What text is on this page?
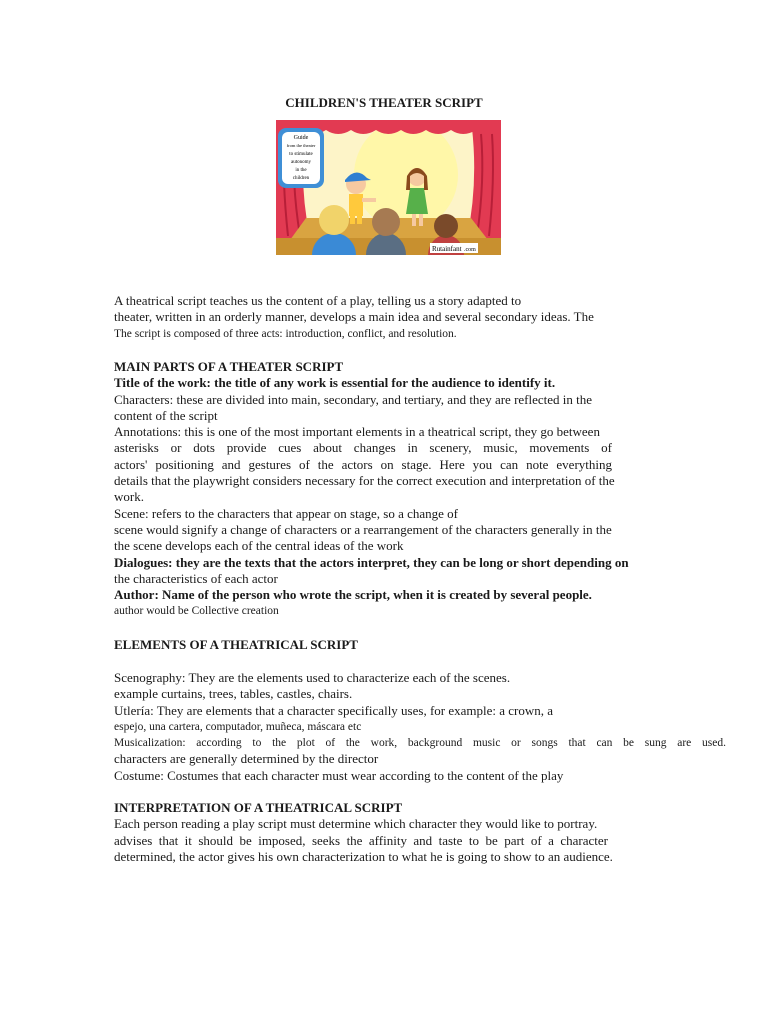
CHILDREN'S THEATER SCRIPT
Guide
from the theater
to stimulate
autonomy
in the
children
Rutainfant .com
A theatrical script teaches us the content of a play, telling us a story adapted to
theater, written in an orderly manner, develops a main idea and several secondary ideas. The
The script is composed of three acts: introduction, conflict, and resolution.
MAIN PARTS OF A THEATER SCRIPT
Title of the work: the title of any work is essential for the audience to identify it.
Characters: these are divided into main, secondary, and tertiary, and they are reflected in the
content of the script
Annotations: this is one of the most important elements in a theatrical script, they go between
asterisks or dots provide cues about changes in scenery, music, movements of
actors' positioning and gestures of the actors on stage. Here you can note everything
details that the playwright considers necessary for the correct execution and interpretation of the
work.
Scene: refers to the characters that appear on stage, so a change of
scene would signify a change of characters or a rearrangement of the characters generally in the
the scene develops each of the central ideas of the work
Dialogues: they are the texts that the actors interpret, they can be long or short depending on
the characteristics of each actor
Author: Name of the person who wrote the script, when it is created by several people.
author would be Collective creation
ELEMENTS OF A THEATRICAL SCRIPT
Scenography: They are the elements used to characterize each of the scenes.
example curtains, trees, tables, castles, chairs.
Utlería: They are elements that a character specifically uses, for example: a crown, a
espejo, una cartera, computador, muñeca, máscara etc
Musicalization: according to the plot of the work, background music or songs that can be sung are used.
characters are generally determined by the director
Costume: Costumes that each character must wear according to the content of the play
INTERPRETATION OF A THEATRICAL SCRIPT
Each person reading a play script must determine which character they would like to portray.
advises that it should be imposed, seeks the affinity and taste to be part of a character
determined, the actor gives his own characterization to what he is going to show to an audience.
